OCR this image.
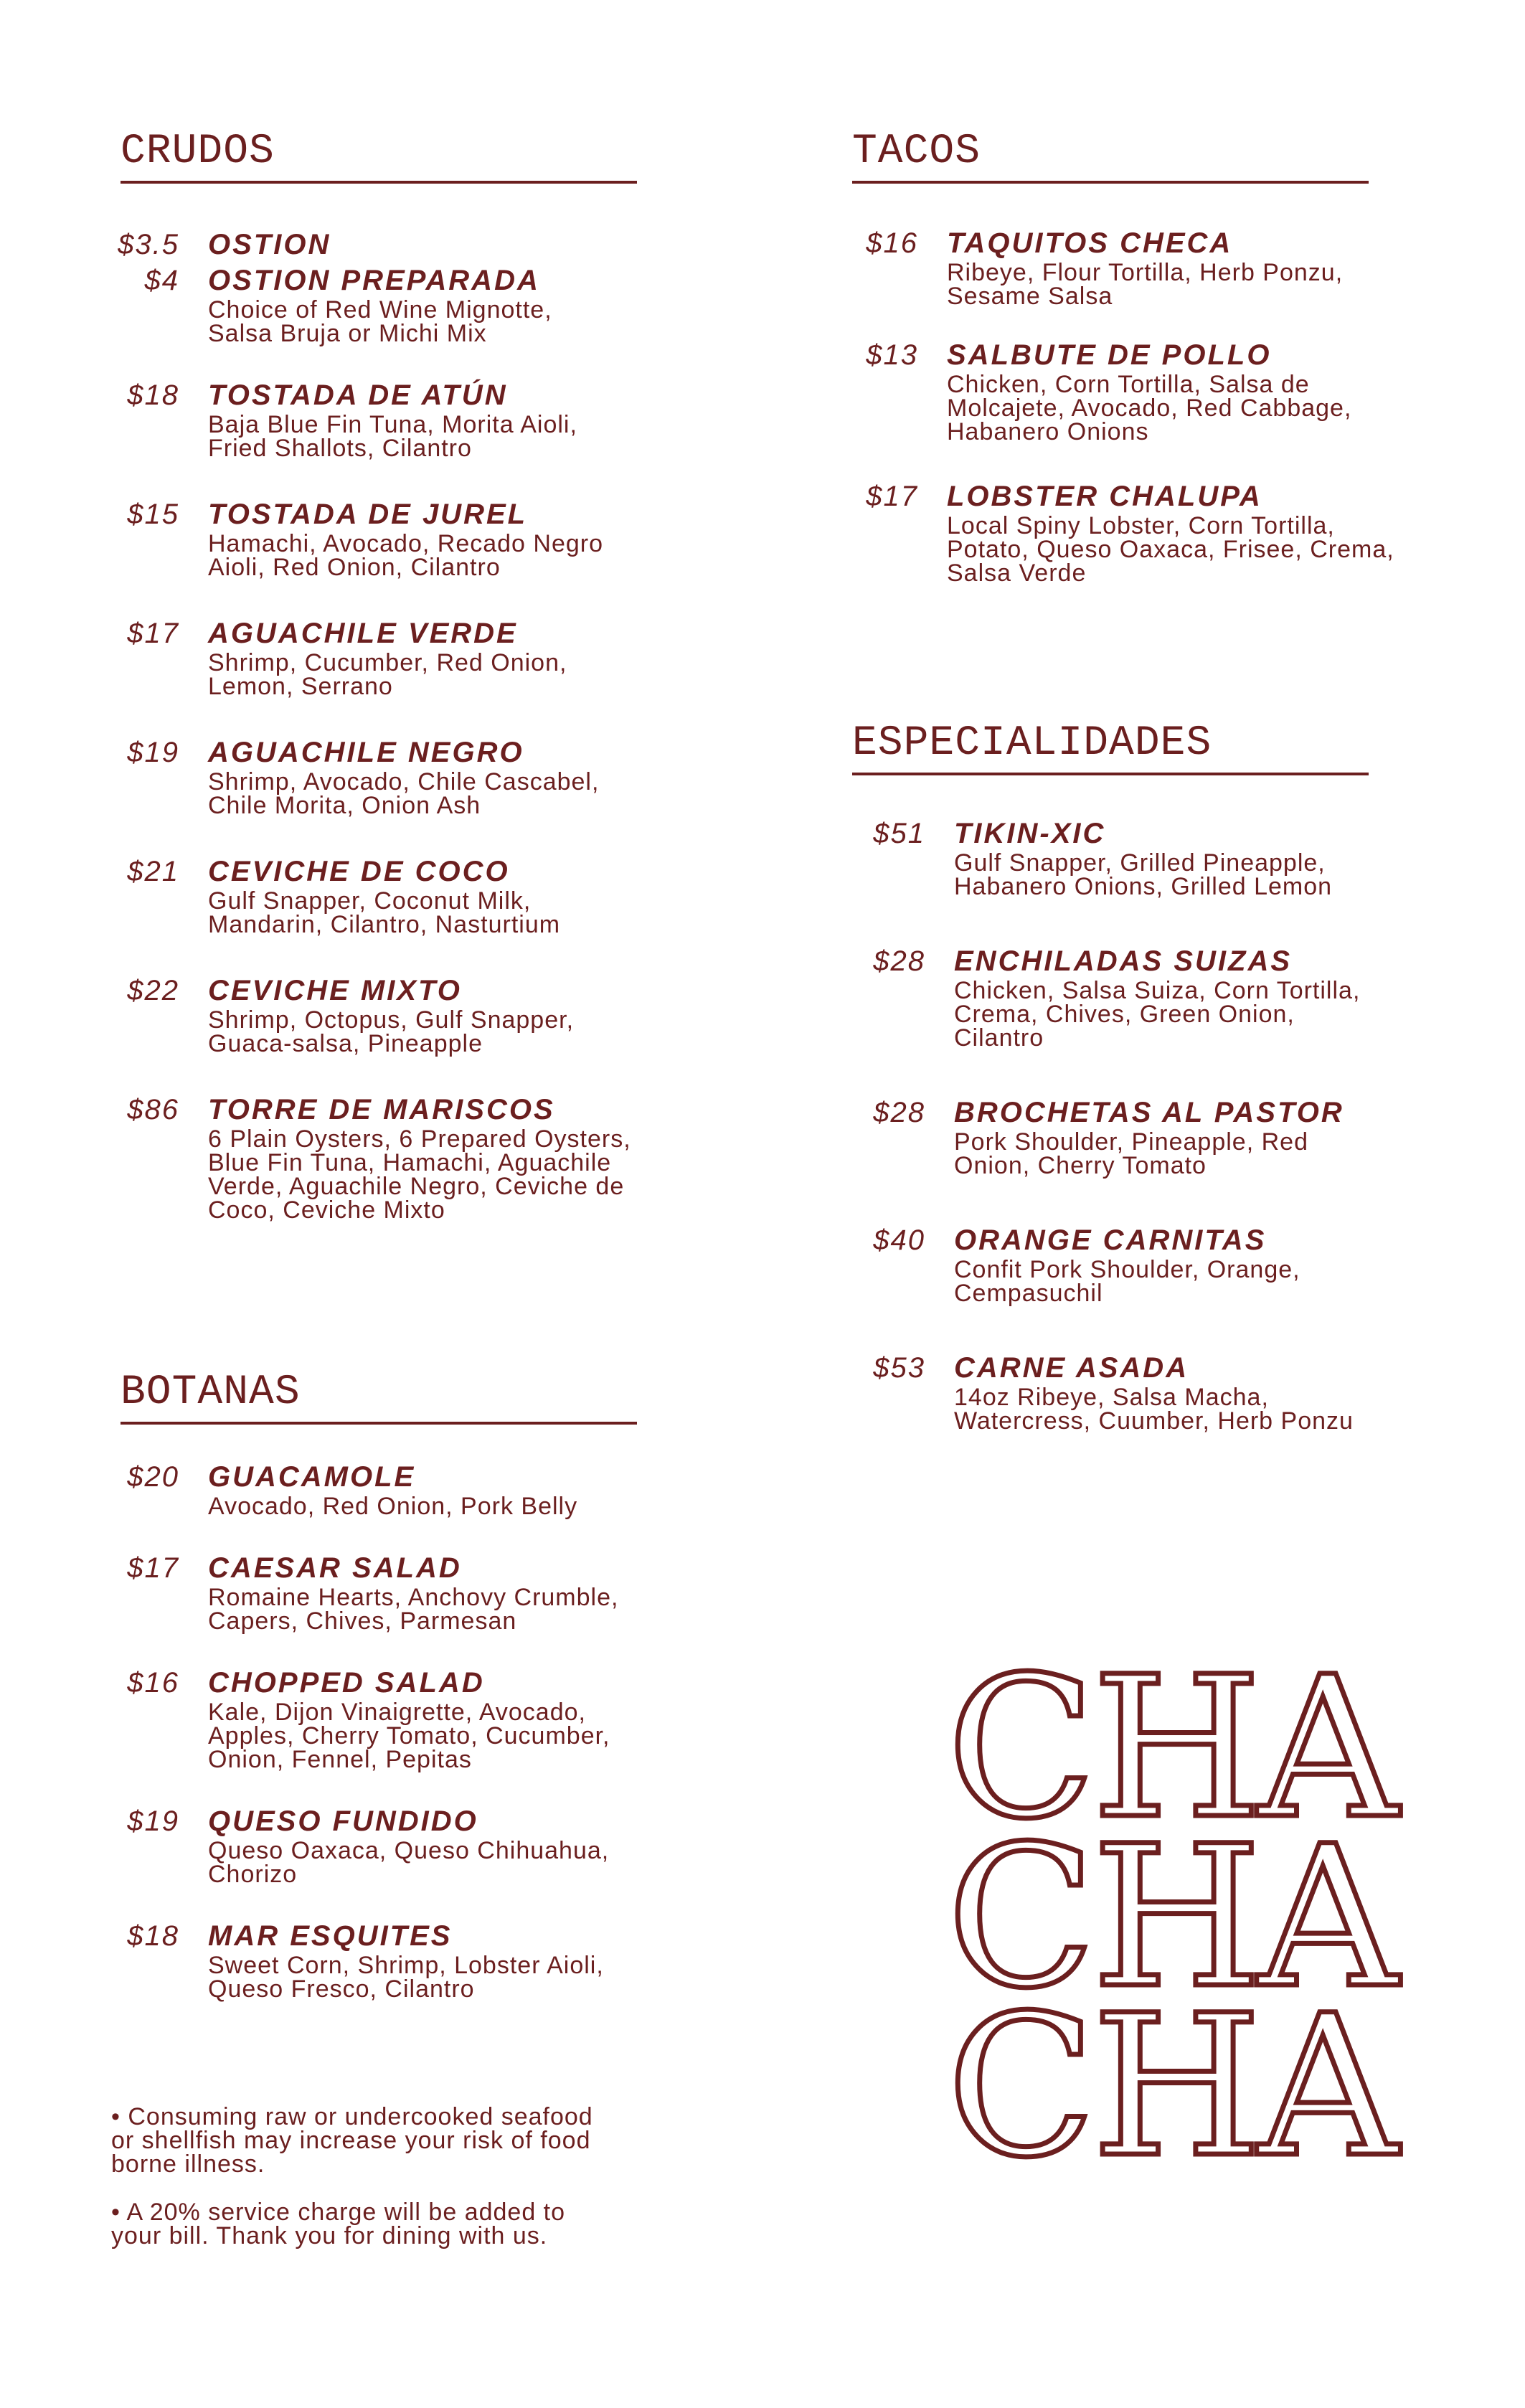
CRUDOS
$3.5 OSTION
$4 OSTION PREPARADA
Choice of Red Wine Mignotte,
Salsa Bruja or Michi Mix
$18 TOSTADA DE ATÚN
Baja Blue Fin Tuna, Morita Aioli,
Fried Shallots, Cilantro
$15 TOSTADA DE JUREL
Hamachi, Avocado, Recado Negro
Aioli, Red Onion, Cilantro
$17 AGUACHILE VERDE
Shrimp, Cucumber, Red Onion,
Lemon, Serrano
$19 AGUACHILE NEGRO
Shrimp, Avocado, Chile Cascabel,
Chile Morita, Onion Ash
$21 CEVICHE DE COCO
Gulf Snapper, Coconut Milk,
Mandarin, Cilantro, Nasturtium
$22 CEVICHE MIXTO
Shrimp, Octopus, Gulf Snapper,
Guaca-salsa, Pineapple
$86 TORRE DE MARISCOS
6 Plain Oysters, 6 Prepared Oysters,
Blue Fin Tuna, Hamachi, Aguachile
Verde, Aguachile Negro, Ceviche de
Coco, Ceviche Mixto
BOTANAS
$20 GUACAMOLE
Avocado, Red Onion, Pork Belly
$17 CAESAR SALAD
Romaine Hearts, Anchovy Crumble,
Capers, Chives, Parmesan
$16 CHOPPED SALAD
Kale, Dijon Vinaigrette, Avocado,
Apples, Cherry Tomato, Cucumber,
Onion, Fennel, Pepitas
$19 QUESO FUNDIDO
Queso Oaxaca, Queso Chihuahua,
Chorizo
$18 MAR ESQUITES
Sweet Corn, Shrimp, Lobster Aioli,
Queso Fresco, Cilantro

• Consuming raw or undercooked seafood
or shellfish may increase your risk of food
borne illness.

• A 20% service charge will be added to
your bill. Thank you for dining with us.

TACOS
$16 TAQUITOS CHECA
Ribeye, Flour Tortilla, Herb Ponzu,
Sesame Salsa
$13 SALBUTE DE POLLO
Chicken, Corn Tortilla, Salsa de
Molcajete, Avocado, Red Cabbage,
Habanero Onions
$17 LOBSTER CHALUPA
Local Spiny Lobster, Corn Tortilla,
Potato, Queso Oaxaca, Frisee, Crema,
Salsa Verde
ESPECIALIDADES
$51 TIKIN-XIC
Gulf Snapper, Grilled Pineapple,
Habanero Onions, Grilled Lemon
$28 ENCHILADAS SUIZAS
Chicken, Salsa Suiza, Corn Tortilla,
Crema, Chives, Green Onion,
Cilantro
$28 BROCHETAS AL PASTOR
Pork Shoulder, Pineapple, Red
Onion, Cherry Tomato
$40 ORANGE CARNITAS
Confit Pork Shoulder, Orange,
Cempasuchil
$53 CARNE ASADA
14oz Ribeye, Salsa Macha,
Watercress, Cuumber, Herb Ponzu
CHA
CHA
CHA
